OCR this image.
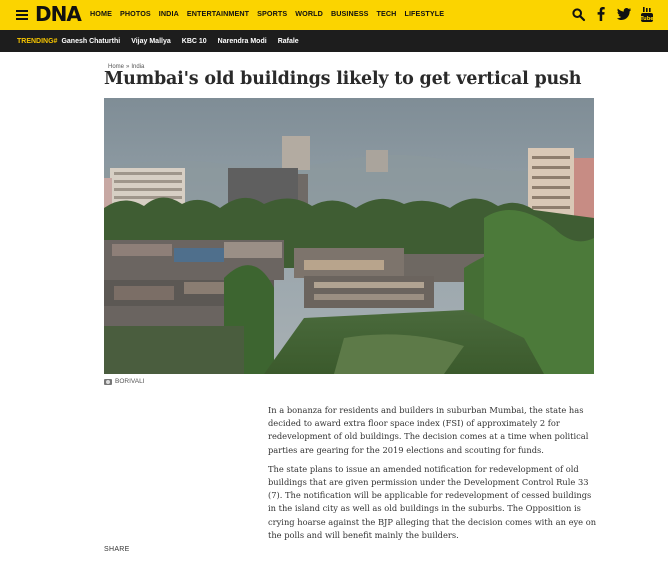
DNA HOME PHOTOS INDIA ENTERTAINMENT SPORTS WORLD BUSINESS TECH LIFESTYLE
Tube
TRENDING# Ganesh Chaturthi Vijay Mallya KBC 10 Narendra Modi Rafale
Home » India
Mumbai's old buildings likely to get vertical push
BORIVALI
SHARE

In a bonanza for residents and builders in suburban Mumbai, the state has decided to award extra floor space index (FSI) of approximately 2 for redevelopment of old buildings. The decision comes at a time when political parties are gearing for the 2019 elections and scouting for funds.

The state plans to issue an amended notification for redevelopment of old buildings that are given permission under the Development Control Rule 33 (7). The notification will be applicable for redevelopment of cessed buildings in the island city as well as old buildings in the suburbs. The Opposition is crying hoarse against the BJP alleging that the decision comes with an eye on the polls and will benefit mainly the builders.
